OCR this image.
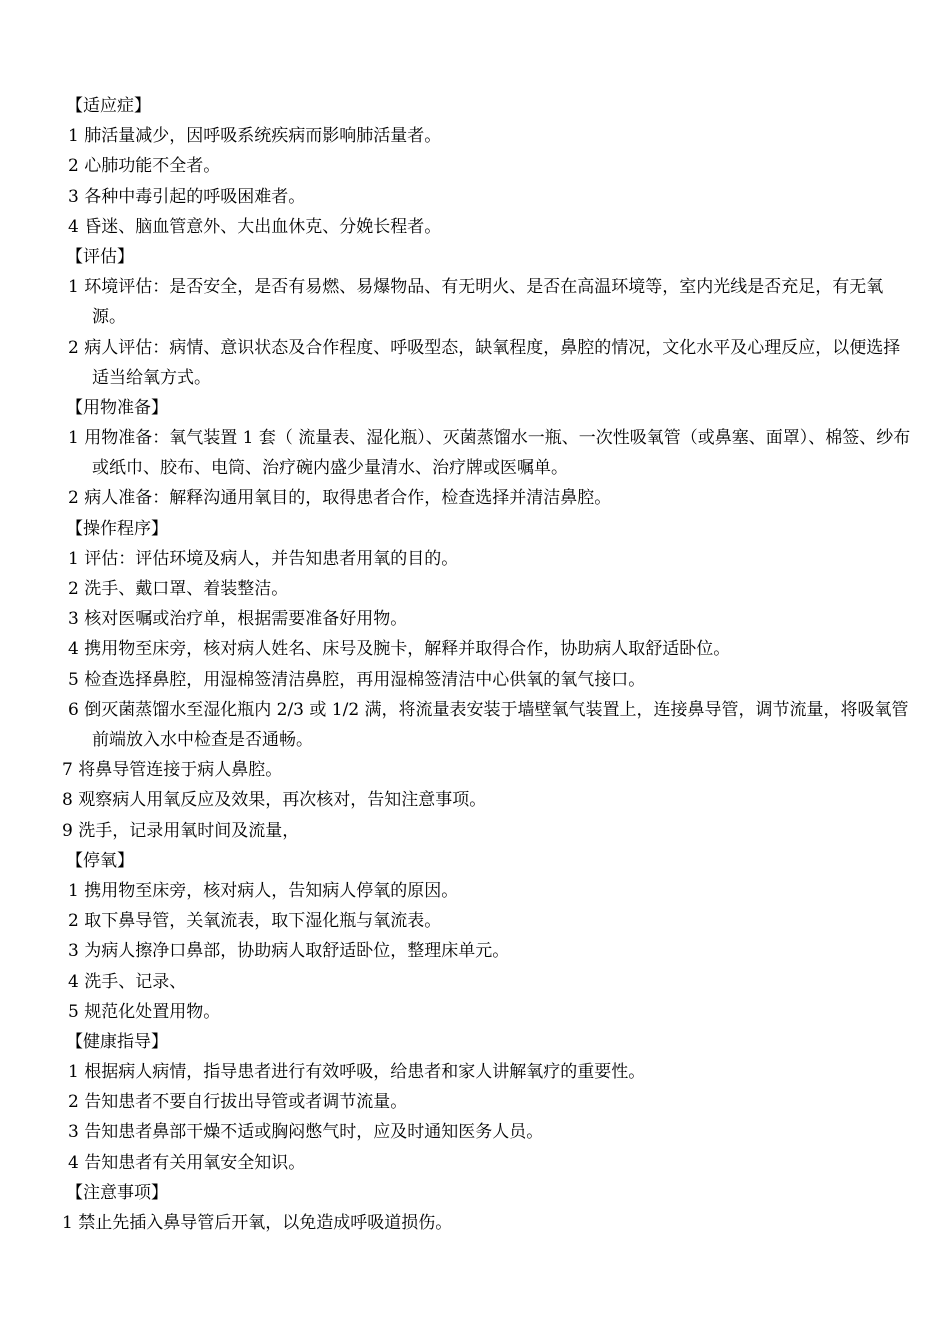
【适应症】
1 肺活量减少，因呼吸系统疾病而影响肺活量者。
2 心肺功能不全者。
3 各种中毒引起的呼吸困难者。
4 昏迷、脑血管意外、大出血休克、分娩长程者。
【评估】
1 环境评估：是否安全，是否有易燃、易爆物品、有无明火、是否在高温环境等，室内光线是否充足，有无氧源。
2 病人评估：病情、意识状态及合作程度、呼吸型态，缺氧程度，鼻腔的情况，文化水平及心理反应，以便选择适当给氧方式。
【用物准备】
1 用物准备：氧气装置 1 套（ 流量表、湿化瓶）、灭菌蒸馏水一瓶、一次性吸氧管（或鼻塞、面罩）、棉签、纱布或纸巾、胶布、电筒、治疗碗内盛少量清水、治疗牌或医嘱单。
2 病人准备：解释沟通用氧目的，取得患者合作，检查选择并清洁鼻腔。
【操作程序】
1 评估：评估环境及病人，并告知患者用氧的目的。
2 洗手、戴口罩、着装整洁。
3 核对医嘱或治疗单，根据需要准备好用物。
4 携用物至床旁，核对病人姓名、床号及腕卡，解释并取得合作，协助病人取舒适卧位。
5 检查选择鼻腔，用湿棉签清洁鼻腔，再用湿棉签清洁中心供氧的氧气接口。
6 倒灭菌蒸馏水至湿化瓶内 2/3 或 1/2 满，将流量表安装于墙壁氧气装置上，连接鼻导管，调节流量，将吸氧管前端放入水中检查是否通畅。
7 将鼻导管连接于病人鼻腔。
8 观察病人用氧反应及效果，再次核对，告知注意事项。
9 洗手，记录用氧时间及流量，
【停氧】
1 携用物至床旁，核对病人，告知病人停氧的原因。
2 取下鼻导管，关氧流表，取下湿化瓶与氧流表。
3 为病人擦净口鼻部，协助病人取舒适卧位，整理床单元。
4 洗手、记录、
5 规范化处置用物。
【健康指导】
1 根据病人病情，指导患者进行有效呼吸，给患者和家人讲解氧疗的重要性。
2 告知患者不要自行拔出导管或者调节流量。
3 告知患者鼻部干燥不适或胸闷憋气时，应及时通知医务人员。
4 告知患者有关用氧安全知识。
【注意事项】
1 禁止先插入鼻导管后开氧，以免造成呼吸道损伤。
